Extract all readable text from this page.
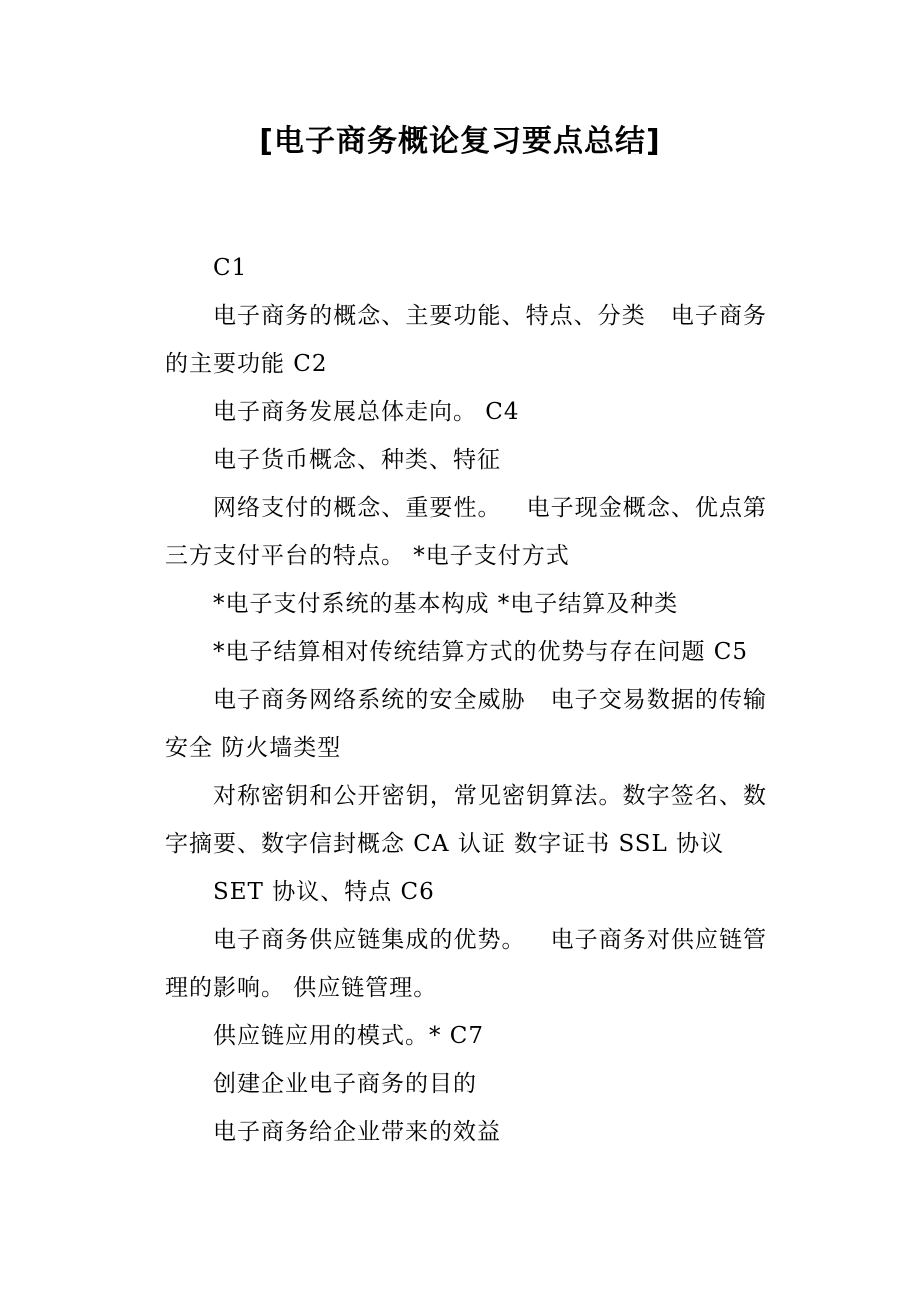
[电子商务概论复习要点总结]

C1

电子商务的概念、主要功能、特点、分类   电子商务的主要功能 C2

电子商务发展总体走向。 C4

电子货币概念、种类、特征

网络支付的概念、重要性。   电子现金概念、优点第三方支付平台的特点。 *电子支付方式

*电子支付系统的基本构成 *电子结算及种类

*电子结算相对传统结算方式的优势与存在问题 C5

电子商务网络系统的安全威胁   电子交易数据的传输安全 防火墙类型

对称密钥和公开密钥，常见密钥算法。数字签名、数字摘要、数字信封概念 CA 认证 数字证书 SSL 协议

SET 协议、特点 C6

电子商务供应链集成的优势。   电子商务对供应链管理的影响。 供应链管理。

供应链应用的模式。* C7

创建企业电子商务的目的

电子商务给企业带来的效益
